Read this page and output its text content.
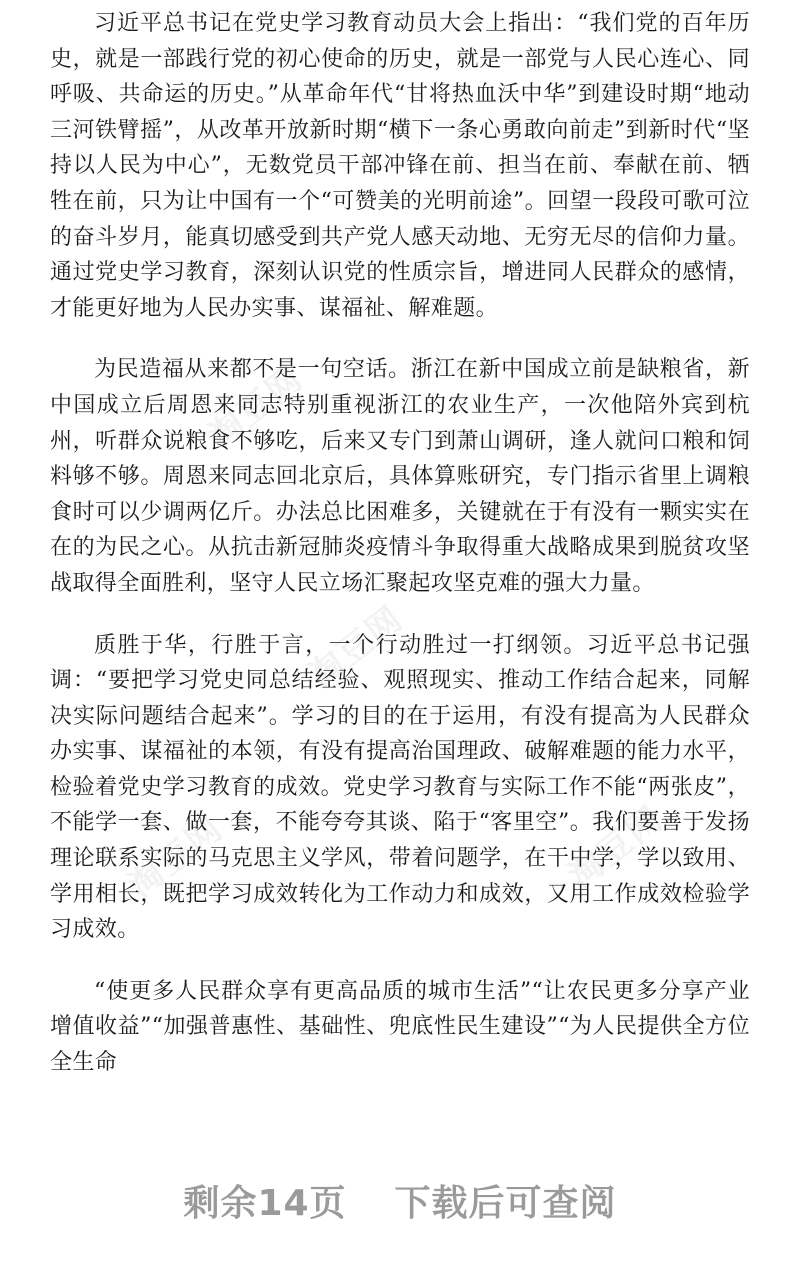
淘豆网
淘豆网
淘豆网	淘豆网

习近平总书记在党史学习教育动员大会上指出：“我们党的百年历史，就是一部践行党的初心使命的历史，就是一部党与人民心连心、同呼吸、共命运的历史。”从革命年代“甘将热血沃中华”到建设时期“地动三河铁臂摇”，从改革开放新时期“横下一条心勇敢向前走”到新时代“坚持以人民为中心”，无数党员干部冲锋在前、担当在前、奉献在前、牺牲在前，只为让中国有一个“可赞美的光明前途”。回望一段段可歌可泣的奋斗岁月，能真切感受到共产党人感天动地、无穷无尽的信仰力量。通过党史学习教育，深刻认识党的性质宗旨，增进同人民群众的感情，才能更好地为人民办实事、谋福祉、解难题。

为民造福从来都不是一句空话。浙江在新中国成立前是缺粮省，新中国成立后周恩来同志特别重视浙江的农业生产，一次他陪外宾到杭州，听群众说粮食不够吃，后来又专门到萧山调研，逢人就问口粮和饲料够不够。周恩来同志回北京后，具体算账研究，专门指示省里上调粮食时可以少调两亿斤。办法总比困难多，关键就在于有没有一颗实实在在的为民之心。从抗击新冠肺炎疫情斗争取得重大战略成果到脱贫攻坚战取得全面胜利，坚守人民立场汇聚起攻坚克难的强大力量。

质胜于华，行胜于言，一个行动胜过一打纲领。习近平总书记强调：“要把学习党史同总结经验、观照现实、推动工作结合起来，同解决实际问题结合起来”。学习的目的在于运用，有没有提高为人民群众办实事、谋福祉的本领，有没有提高治国理政、破解难题的能力水平，检验着党史学习教育的成效。党史学习教育与实际工作不能“两张皮”，不能学一套、做一套，不能夸夸其谈、陷于“客里空”。我们要善于发扬理论联系实际的马克思主义学风，带着问题学，在干中学，学以致用、学用相长，既把学习成效转化为工作动力和成效，又用工作成效检验学习成效。

“使更多人民群众享有更高品质的城市生活”“让农民更多分享产业增值收益”“加强普惠性、基础性、兜底性民生建设”“为人民提供全方位全生命

剩余14页 下载后可查阅
